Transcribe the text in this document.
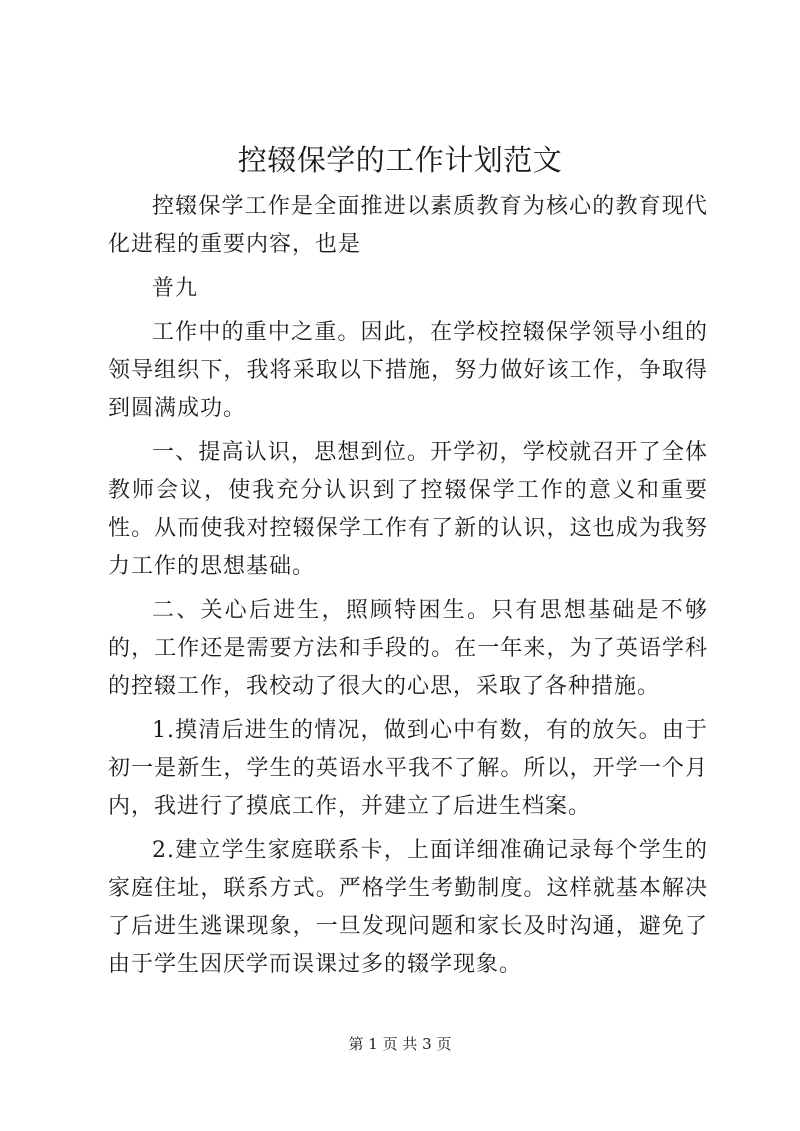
控辍保学的工作计划范文

控辍保学工作是全面推进以素质教育为核心的教育现代化进程的重要内容，也是

普九

工作中的重中之重。因此，在学校控辍保学领导小组的领导组织下，我将采取以下措施，努力做好该工作，争取得到圆满成功。

一、提高认识，思想到位。开学初，学校就召开了全体教师会议，使我充分认识到了控辍保学工作的意义和重要性。从而使我对控辍保学工作有了新的认识，这也成为我努力工作的思想基础。

二、关心后进生，照顾特困生。只有思想基础是不够的，工作还是需要方法和手段的。在一年来，为了英语学科的控辍工作，我校动了很大的心思，采取了各种措施。

1.摸清后进生的情况，做到心中有数，有的放矢。由于初一是新生，学生的英语水平我不了解。所以，开学一个月内，我进行了摸底工作，并建立了后进生档案。

2.建立学生家庭联系卡，上面详细准确记录每个学生的家庭住址，联系方式。严格学生考勤制度。这样就基本解决了后进生逃课现象，一旦发现问题和家长及时沟通，避免了由于学生因厌学而误课过多的辍学现象。

第 1 页 共 3 页
